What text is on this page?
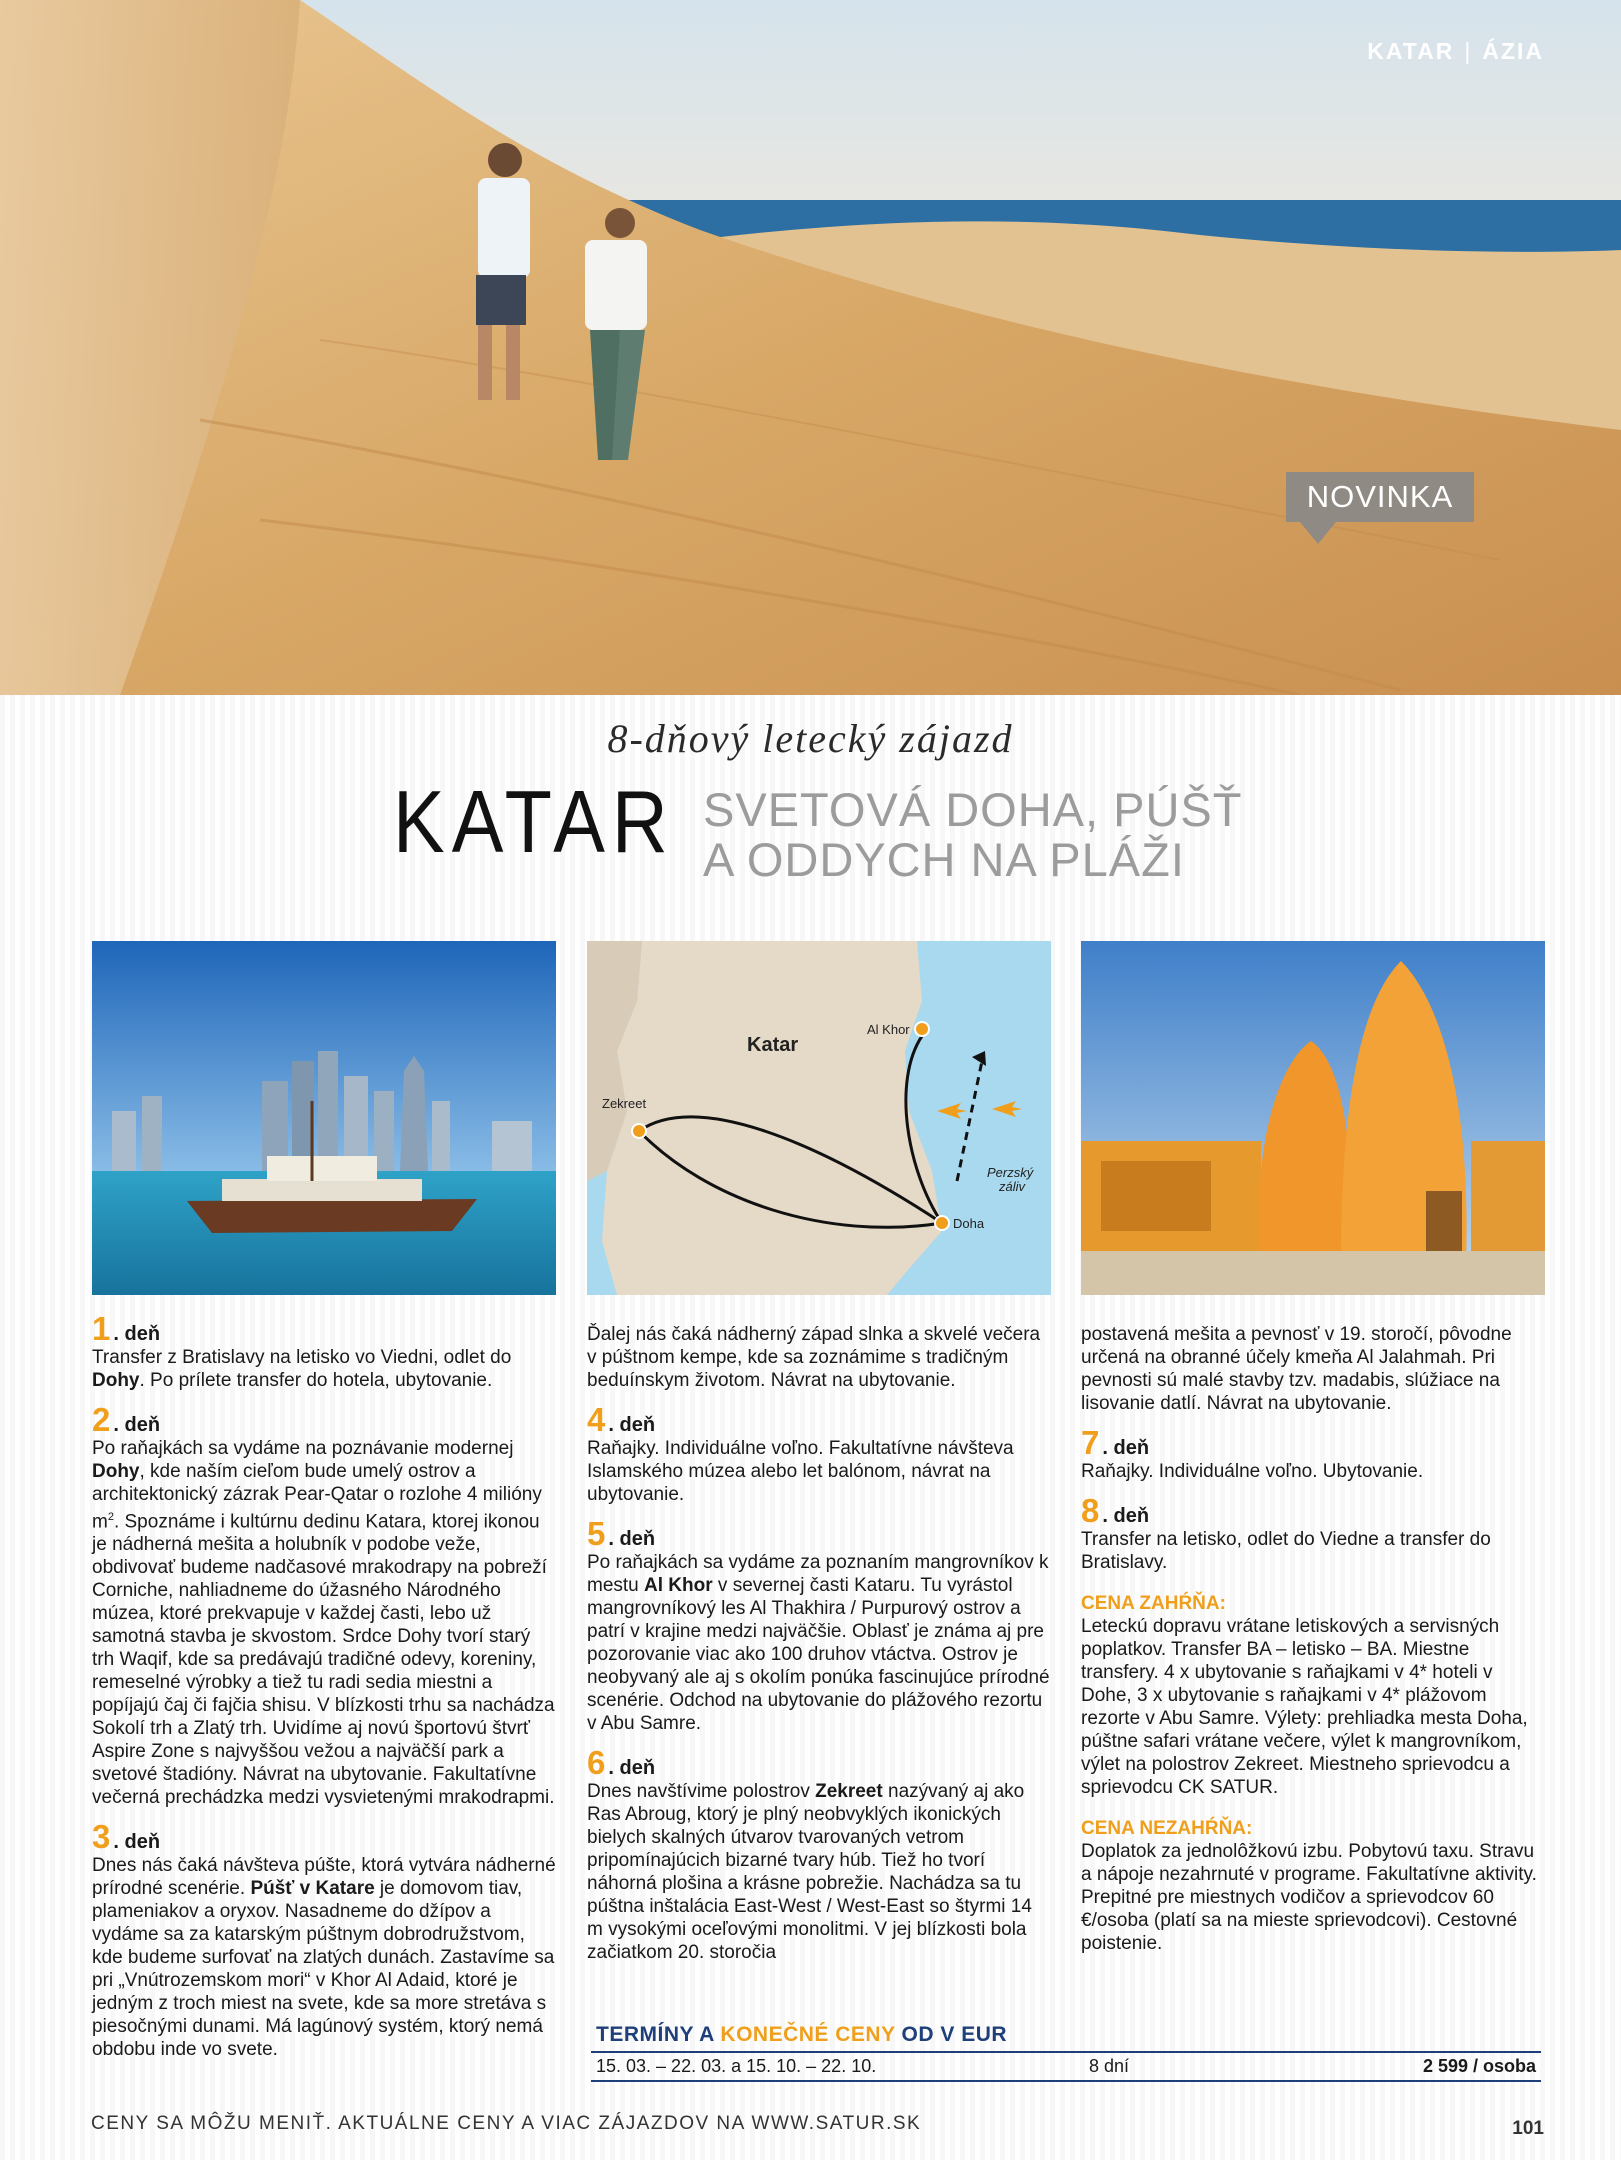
KATAR | ÁZIA
NOVINKA
8-dňový letecký zájazd
KATAR SVETOVÁ DOHA, PÚŠŤ
A ODDYCH NA PLÁŽI
Katar
Al Khor
Zekreet
Doha
Perzský
záliv
1 . deň

Transfer z Bratislavy na letisko vo Viedni, odlet do Dohy. Po prílete transfer do hotela, ubytovanie.

2 . deň

Po raňajkách sa vydáme na poznávanie modernej Dohy, kde naším cieľom bude umelý ostrov a architektonický zázrak Pear-Qatar o rozlohe 4 milióny $m^2$. Spoznáme i kultúrnu dedinu Katara, ktorej ikonou je nádherná mešita a holubník v podobe veže, obdivovať budeme nadčasové mrakodrapy na pobreží Corniche, nahliadneme do úžasného Národného múzea, ktoré prekvapuje v každej časti, lebo už samotná stavba je skvostom. Srdce Dohy tvorí starý trh Waqif, kde sa predávajú tradičné odevy, koreniny, remeselné výrobky a tiež tu radi sedia miestni a popíjajú čaj či fajčia shisu. V blízkosti trhu sa nachádza Sokolí trh a Zlatý trh. Uvidíme aj novú športovú štvrť Aspire Zone s najvyššou vežou a najväčší park a svetové štadióny. Návrat na ubytovanie. Fakultatívne večerná prechádzka medzi vysvietenými mrakodrapmi.

3 . deň

Dnes nás čaká návšteva púšte, ktorá vytvára nádherné prírodné scenérie. Púšť v Katare je domovom tiav, plameniakov a oryxov. Nasadneme do džípov a vydáme sa za katarským púštnym dobrodružstvom, kde budeme surfovať na zlatých dunách. Zastavíme sa pri „Vnútrozemskom mori“ v Khor Al Adaid, ktoré je jedným z troch miest na svete, kde sa more stretáva s piesočnými dunami. Má lagúnový systém, ktorý nemá obdobu inde vo svete.

Ďalej nás čaká nádherný západ slnka a skvelé večera v púštnom kempe, kde sa zoznámime s tradičným beduínskym životom. Návrat na ubytovanie.

4 . deň

Raňajky. Individuálne voľno. Fakultatívne návšteva Islamského múzea alebo let balónom, návrat na ubytovanie.

5 . deň

Po raňajkách sa vydáme za poznaním mangrovníkov k mestu Al Khor v severnej časti Kataru. Tu vyrástol mangrovníkový les Al Thakhira / Purpurový ostrov a patrí v krajine medzi najväčšie. Oblasť je známa aj pre pozorovanie viac ako 100 druhov vtáctva. Ostrov je neobyvaný ale aj s okolím ponúka fascinujúce prírodné scenérie. Odchod na ubytovanie do plážového rezortu v Abu Samre.

6 . deň

Dnes navštívime polostrov Zekreet nazývaný aj ako Ras Abroug, ktorý je plný neobvyklých ikonických bielych skalných útvarov tvarovaných vetrom pripomínajúcich bizarné tvary húb. Tiež ho tvorí náhorná plošina a krásne pobrežie. Nachádza sa tu púštna inštalácia East-West / West-East so štyrmi 14 m vysokými oceľovými monolitmi. V jej blízkosti bola začiatkom 20. storočia

postavená mešita a pevnosť v 19. storočí, pôvodne určená na obranné účely kmeňa Al Jalahmah. Pri pevnosti sú malé stavby tzv. madabis, slúžiace na lisovanie datlí. Návrat na ubytovanie.

7 . deň

Raňajky. Individuálne voľno. Ubytovanie.

8 . deň

Transfer na letisko, odlet do Viedne a transfer do Bratislavy.

CENA ZAHŔŇA:

Leteckú dopravu vrátane letiskových a servisných poplatkov. Transfer BA – letisko – BA. Miestne transfery. 4 x ubytovanie s raňajkami v 4* hoteli v Dohe, 3 x ubytovanie s raňajkami v 4* plážovom rezorte v Abu Samre. Výlety: prehliadka mesta Doha, púštne safari vrátane večere, výlet k mangrovníkom, výlet na polostrov Zekreet. Miestneho sprievodcu a sprievodcu CK SATUR.

CENA NEZAHŔŇA:

Doplatok za jednolôžkovú izbu. Pobytovú taxu. Stravu a nápoje nezahrnuté v programe. Fakultatívne aktivity. Prepitné pre miestnych vodičov a sprievodcov 60 €/osoba (platí sa na mieste sprievodcovi). Cestovné poistenie.

TERMÍNY A KONEČNÉ CENY OD V EUR
15. 03. – 22. 03. a 15. 10. – 22. 10.	8 dní	2 599 / osoba
CENY SA MÔŽU MENIŤ. AKTUÁLNE CENY A VIAC ZÁJAZDOV NA WWW.SATUR.SK	101
